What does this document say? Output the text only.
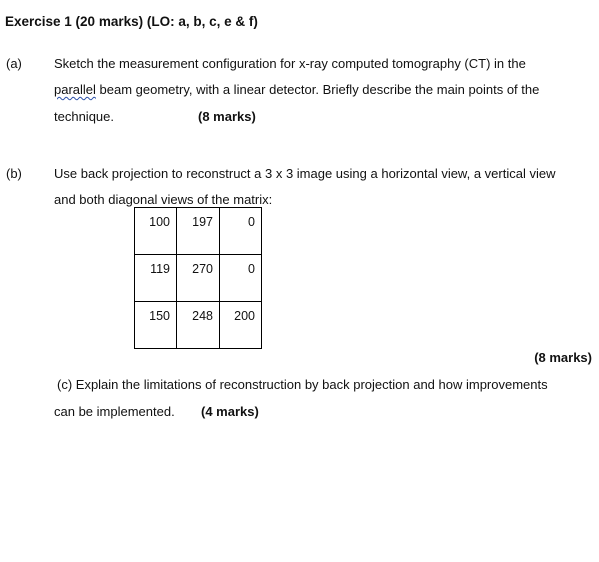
Exercise 1 (20 marks) (LO: a, b, c, e & f)
(a) Sketch the measurement configuration for x-ray computed tomography (CT) in the
parallel beam geometry, with a linear detector. Briefly describe the main points of the
technique.	(8 marks)
(b) Use back projection to reconstruct a 3 x 3 image using a horizontal view, a vertical view
and both diagonal views of the matrix:
100	197	0
119	270	0
150	248	200
(8 marks)
(c) Explain the limitations of reconstruction by back projection and how improvements
can be implemented. (4 marks)
